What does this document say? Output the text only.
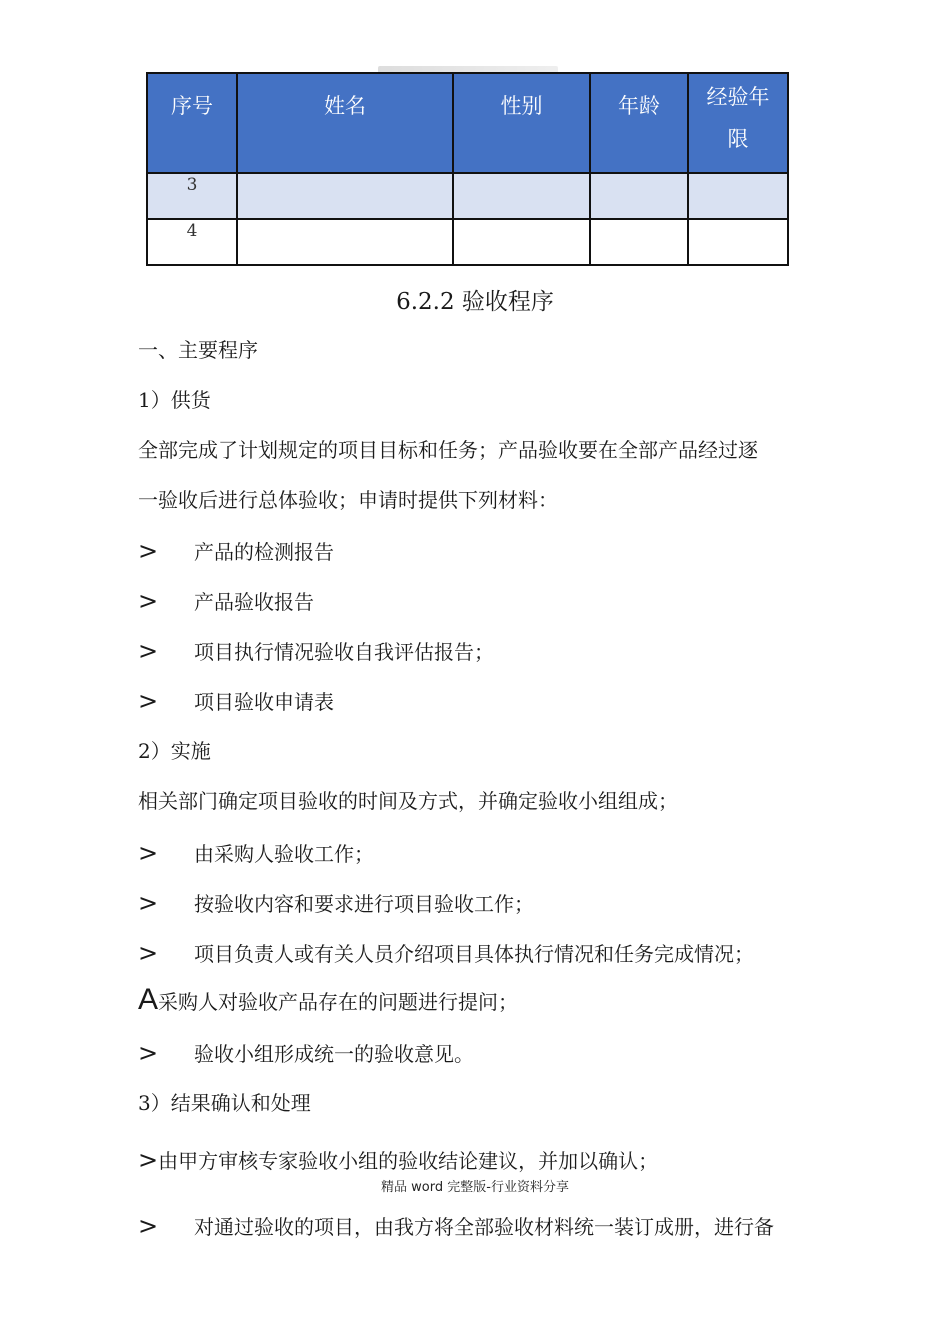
序号	姓名	性别	年龄	经验年
限
3				
4				
6.2.2 验收程序
一、主要程序
1）供货
全部完成了计划规定的项目目标和任务；产品验收要在全部产品经过逐
一验收后进行总体验收；申请时提供下列材料：
> 产品的检测报告
> 产品验收报告
> 项目执行情况验收自我评估报告；
> 项目验收申请表
2）实施
相关部门确定项目验收的时间及方式，并确定验收小组组成；
> 由采购人验收工作；
> 按验收内容和要求进行项目验收工作；
> 项目负责人或有关人员介绍项目具体执行情况和任务完成情况；
A采购人对验收产品存在的问题进行提问；
> 验收小组形成统一的验收意见。
3）结果确认和处理
>由甲方审核专家验收小组的验收结论建议，并加以确认；
精品 word 完整版-行业资料分享
> 对通过验收的项目，由我方将全部验收材料统一装订成册，进行备
